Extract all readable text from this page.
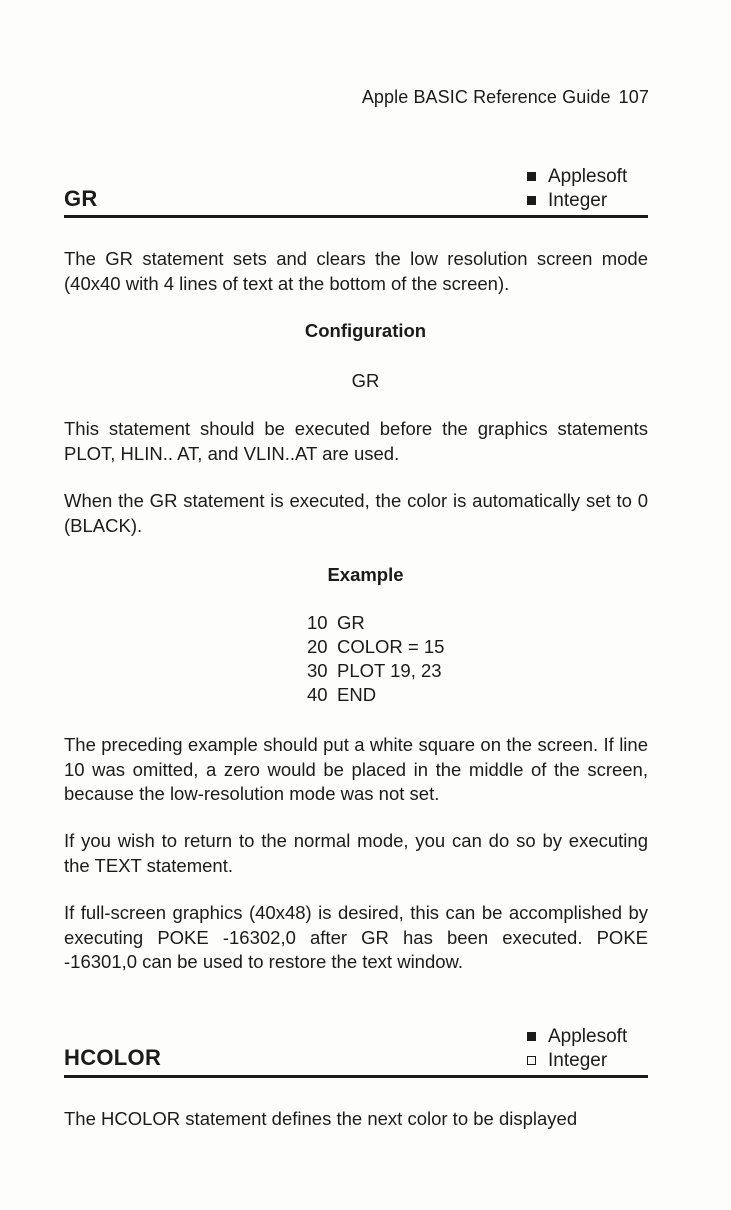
Apple BASIC Reference Guide 107
Applesoft
Integer
GR

The GR statement sets and clears the low resolution screen mode (40x40 with 4 lines of text at the bottom of the screen).

Configuration
GR

This statement should be executed before the graphics statements PLOT, HLIN.. AT, and VLIN..AT are used.

When the GR statement is executed, the color is automatically set to 0 (BLACK).

Example
10 GR
20 COLOR = 15
30 PLOT 19, 23
40 END

The preceding example should put a white square on the screen. If line 10 was omitted, a zero would be placed in the middle of the screen, because the low-resolution mode was not set.

If you wish to return to the normal mode, you can do so by executing the TEXT statement.

If full-screen graphics (40x48) is desired, this can be accomplished by executing POKE -16302,0 after GR has been executed. POKE -16301,0 can be used to restore the text window.

Applesoft
Integer
HCOLOR

The HCOLOR statement defines the next color to be displayed
